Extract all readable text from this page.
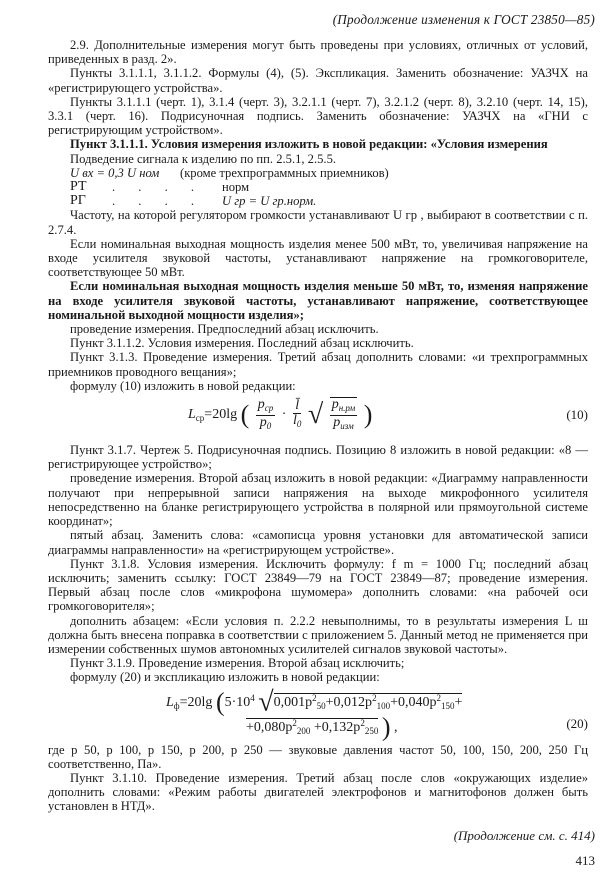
(Продолжение изменения к ГОСТ 23850—85)

2.9. Дополнительные измерения могут быть проведены при условиях, отличных от условий, приведенных в разд. 2».

Пункты 3.1.1.1, 3.1.1.2. Формулы (4), (5). Экспликация. Заменить обозначение: УАЗЧХ на «регистрирующего устройства».

Пункты 3.1.1.1 (черт. 1), 3.1.4 (черт. 3), 3.2.1.1 (черт. 7), 3.2.1.2 (черт. 8), 3.2.10 (черт. 14, 15), 3.3.1 (черт. 16). Подрисуночная подпись. Заменить обозначение: УАЗЧХ на «ГНИ с регистрирующим устройством».

Пункт 3.1.1.1. Условия измерения изложить в новой редакции: «Условия измерения

Подведение сигнала к изделию по пп. 2.5.1, 2.5.5.

U вх = 0,3 U ном	(кроме трехпрограммных приемников)
РТ	. . . .	норм
РГ	. . . .	U гр = U гр.норм.

Частоту, на которой регулятором громкости устанавливают U гр , выбирают в соответствии с п. 2.7.4.

Если номинальная выходная мощность изделия менее 500 мВт, то, увеличивая напряжение на входе усилителя звуковой частоты, устанавливают напряжение на громкоговорителе, соответствующее 50 мВт.

Если номинальная выходная мощность изделия меньше 50 мВт, то, изменяя напряжение на входе усилителя звуковой частоты, устанавливают напряжение, соответствующее номинальной выходной мощности изделия»;

проведение измерения. Предпоследний абзац исключить.

Пункт 3.1.1.2. Условия измерения. Последний абзац исключить.

Пункт 3.1.3. Проведение измерения. Третий абзац дополнить словами: «и трехпрограммных приемников проводного вещания»;

формулу (10) изложить в новой редакции:

$L_{ср}=20\lg$ ( $\frac{p_{ср}}{p_0} \cdot \frac{l̄}{l_0}$ √ $\frac{p_{н.рм}}{p_{изм}}$ )	(10)

Пункт 3.1.7. Чертеж 5. Подрисуночная подпись. Позицию 8 изложить в новой редакции: «8 — регистрирующее устройство»;

проведение измерения. Второй абзац изложить в новой редакции: «Диаграмму направленности получают при непрерывной записи напряжения на выходе микрофонного усилителя непосредственно на бланке регистрирующего устройства в полярной или прямоугольной системе координат»;

пятый абзац. Заменить слова: «самописца уровня установки для автоматической записи диаграммы направленности» на «регистрирующем устройстве».

Пункт 3.1.8. Условия измерения. Исключить формулу: f m = 1000 Гц; последний абзац исключить; заменить ссылку: ГОСТ 23849—79 на ГОСТ 23849—87; проведение измерения. Первый абзац после слов «микрофона шумомера» дополнить словами: «на рабочей оси громкоговорителя»;

дополнить абзацем: «Если условия п. 2.2.2 невыполнимы, то в результаты измерения L ш должна быть внесена поправка в соответствии с приложением 5. Данный метод не применяется при измерении собственных шумов автономных усилителей сигналов звуковой частоты».

Пункт 3.1.9. Проведение измерения. Второй абзац исключить;

формулу (20) и экспликацию изложить в новой редакции:

$L_ф=20\lg$ ($5\cdot 10^4$ $√0,001p^2_{50}+0,012p^2_{100}+0,040p^2_{150}+$
$+0,080p^2_{200} +0,132p^2_{250}$ ) ,	(20)

где p 50, p 100, p 150, p 200, p 250 — звуковые давления частот 50, 100, 150, 200, 250 Гц соответственно, Па».

Пункт 3.1.10. Проведение измерения. Третий абзац после слов «окружающих изделие» дополнить словами: «Режим работы двигателей электрофонов и магнитофонов должен быть установлен в НТД».

(Продолжение см. с. 414)
413
